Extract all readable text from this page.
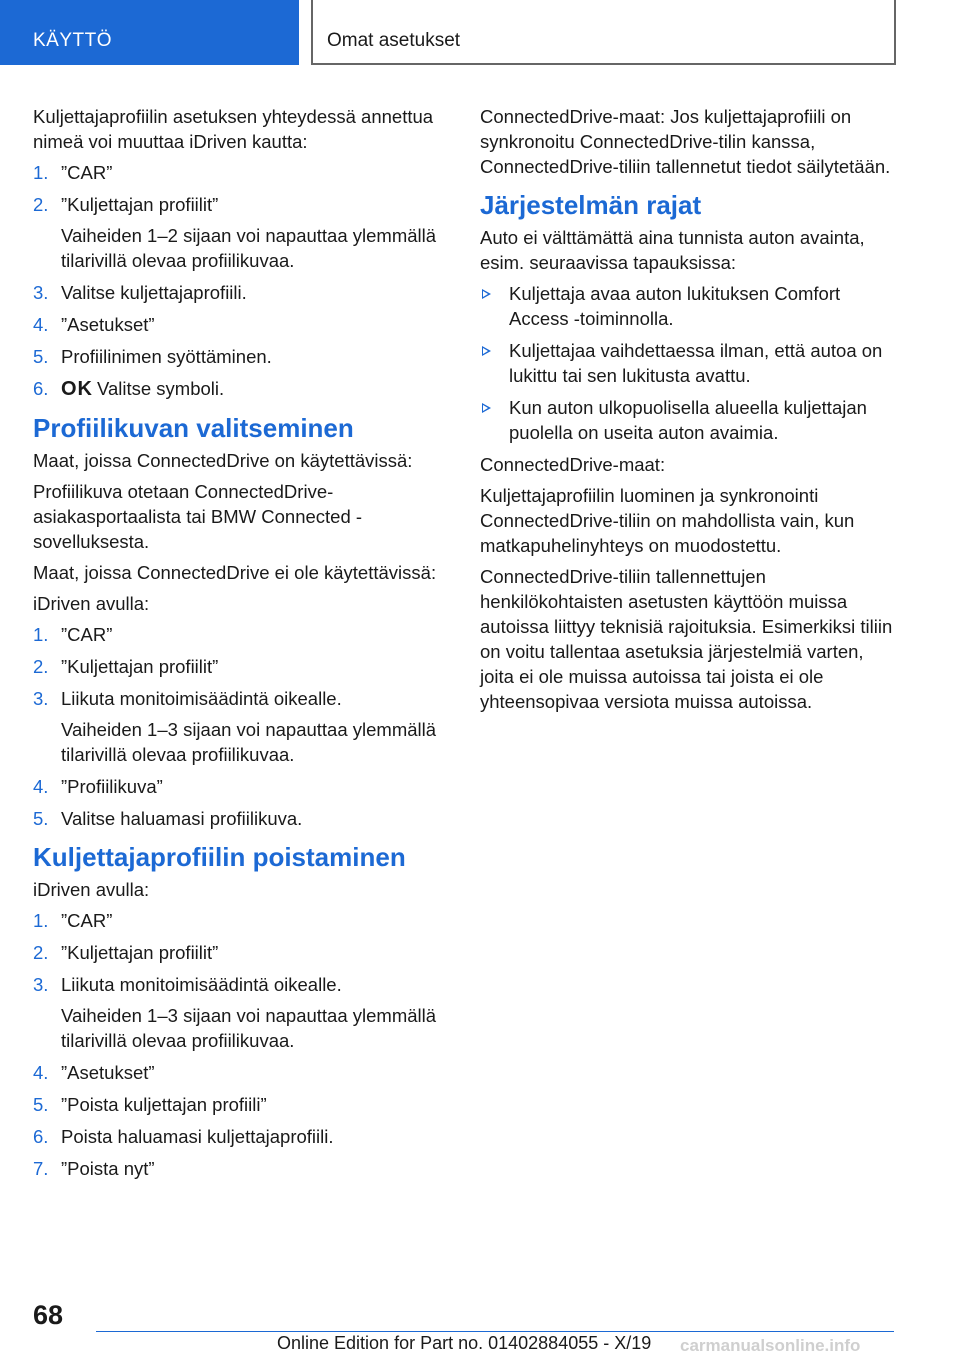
KÄYTTÖ	Omat asetukset

Kuljettajaprofiilin asetuksen yhteydessä annettua nimeä voi muuttaa iDriven kautta:

1. ”CAR”
2. ”Kuljettajan profiilit”
Vaiheiden 1–2 sijaan voi napauttaa ylemmällä tilarivillä olevaa profiilikuvaa.
3. Valitse kuljettajaprofiili.
4. ”Asetukset”
5. Profiilinimen syöttäminen.
6. OK Valitse symboli.
Profiilikuvan valitseminen

Maat, joissa ConnectedDrive on käytettävissä:

Profiilikuva otetaan ConnectedDrive-asiakasportaalista tai BMW Connected -sovelluksesta.

Maat, joissa ConnectedDrive ei ole käytettävissä:

iDriven avulla:

1. ”CAR”
2. ”Kuljettajan profiilit”
3. Liikuta monitoimisäädintä oikealle.
Vaiheiden 1–3 sijaan voi napauttaa ylemmällä tilarivillä olevaa profiilikuvaa.
4. ”Profiilikuva”
5. Valitse haluamasi profiilikuva.
Kuljettajaprofiilin poistaminen

iDriven avulla:

1. ”CAR”
2. ”Kuljettajan profiilit”
3. Liikuta monitoimisäädintä oikealle.
Vaiheiden 1–3 sijaan voi napauttaa ylemmällä tilarivillä olevaa profiilikuvaa.
4. ”Asetukset”
5. ”Poista kuljettajan profiili”
6. Poista haluamasi kuljettajaprofiili.
7. ”Poista nyt”

ConnectedDrive-maat: Jos kuljettajaprofiili on synkronoitu ConnectedDrive-tilin kanssa, ConnectedDrive-tiliin tallennetut tiedot säilytetään.

Järjestelmän rajat

Auto ei välttämättä aina tunnista auton avainta, esim. seuraavissa tapauksissa:

Kuljettaja avaa auton lukituksen Comfort Access -toiminnolla.
Kuljettajaa vaihdettaessa ilman, että autoa on lukittu tai sen lukitusta avattu.
Kun auton ulkopuolisella alueella kuljettajan puolella on useita auton avaimia.

ConnectedDrive-maat:

Kuljettajaprofiilin luominen ja synkronointi ConnectedDrive-tiliin on mahdollista vain, kun matkapuhelinyhteys on muodostettu.

ConnectedDrive-tiliin tallennettujen henkilökohtaisten asetusten käyttöön muissa autoissa liittyy teknisiä rajoituksia. Esimerkiksi tiliin on voitu tallentaa asetuksia järjestelmiä varten, joita ei ole muissa autoissa tai joista ei ole yhteensopivaa versiota muissa autoissa.

68
Online Edition for Part no. 01402884055 - X/19 carmanualsonline.info
